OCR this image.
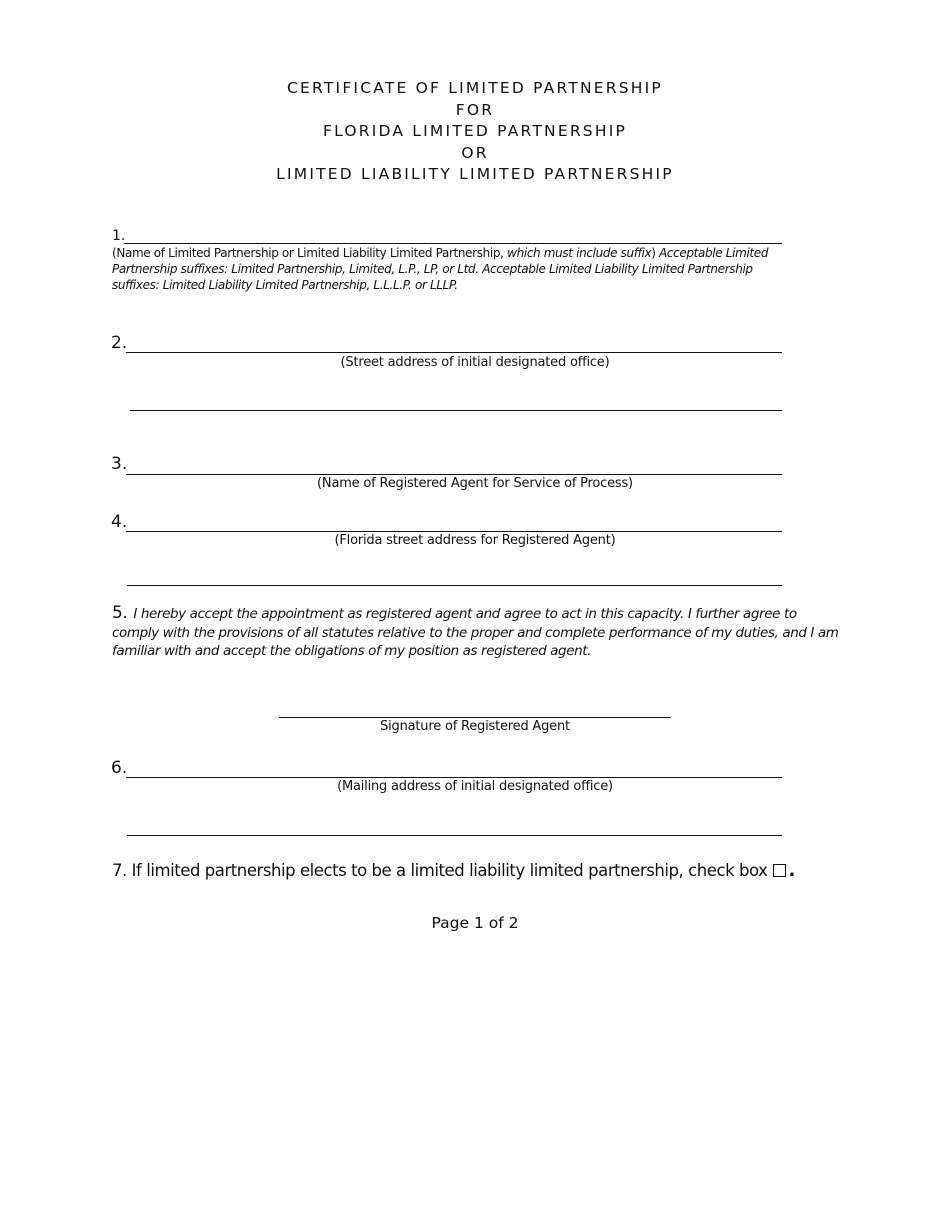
CERTIFICATE OF LIMITED PARTNERSHIP
FOR
FLORIDA LIMITED PARTNERSHIP
OR
LIMITED LIABILITY LIMITED PARTNERSHIP
1.
(Name of Limited Partnership or Limited Liability Limited Partnership, which must include suffix) Acceptable Limited Partnership suffixes: Limited Partnership, Limited, L.P., LP, or Ltd. Acceptable Limited Liability Limited Partnership suffixes: Limited Liability Limited Partnership, L.L.L.P. or LLLP.
2.
(Street address of initial designated office)
3.
(Name of Registered Agent for Service of Process)
4.
(Florida street address for Registered Agent)
5. I hereby accept the appointment as registered agent and agree to act in this capacity. I further agree to comply with the provisions of all statutes relative to the proper and complete performance of my duties, and I am familiar with and accept the obligations of my position as registered agent.
Signature of Registered Agent
6.
(Mailing address of initial designated office)
7. If limited partnership elects to be a limited liability limited partnership, check box .
Page 1 of 2
